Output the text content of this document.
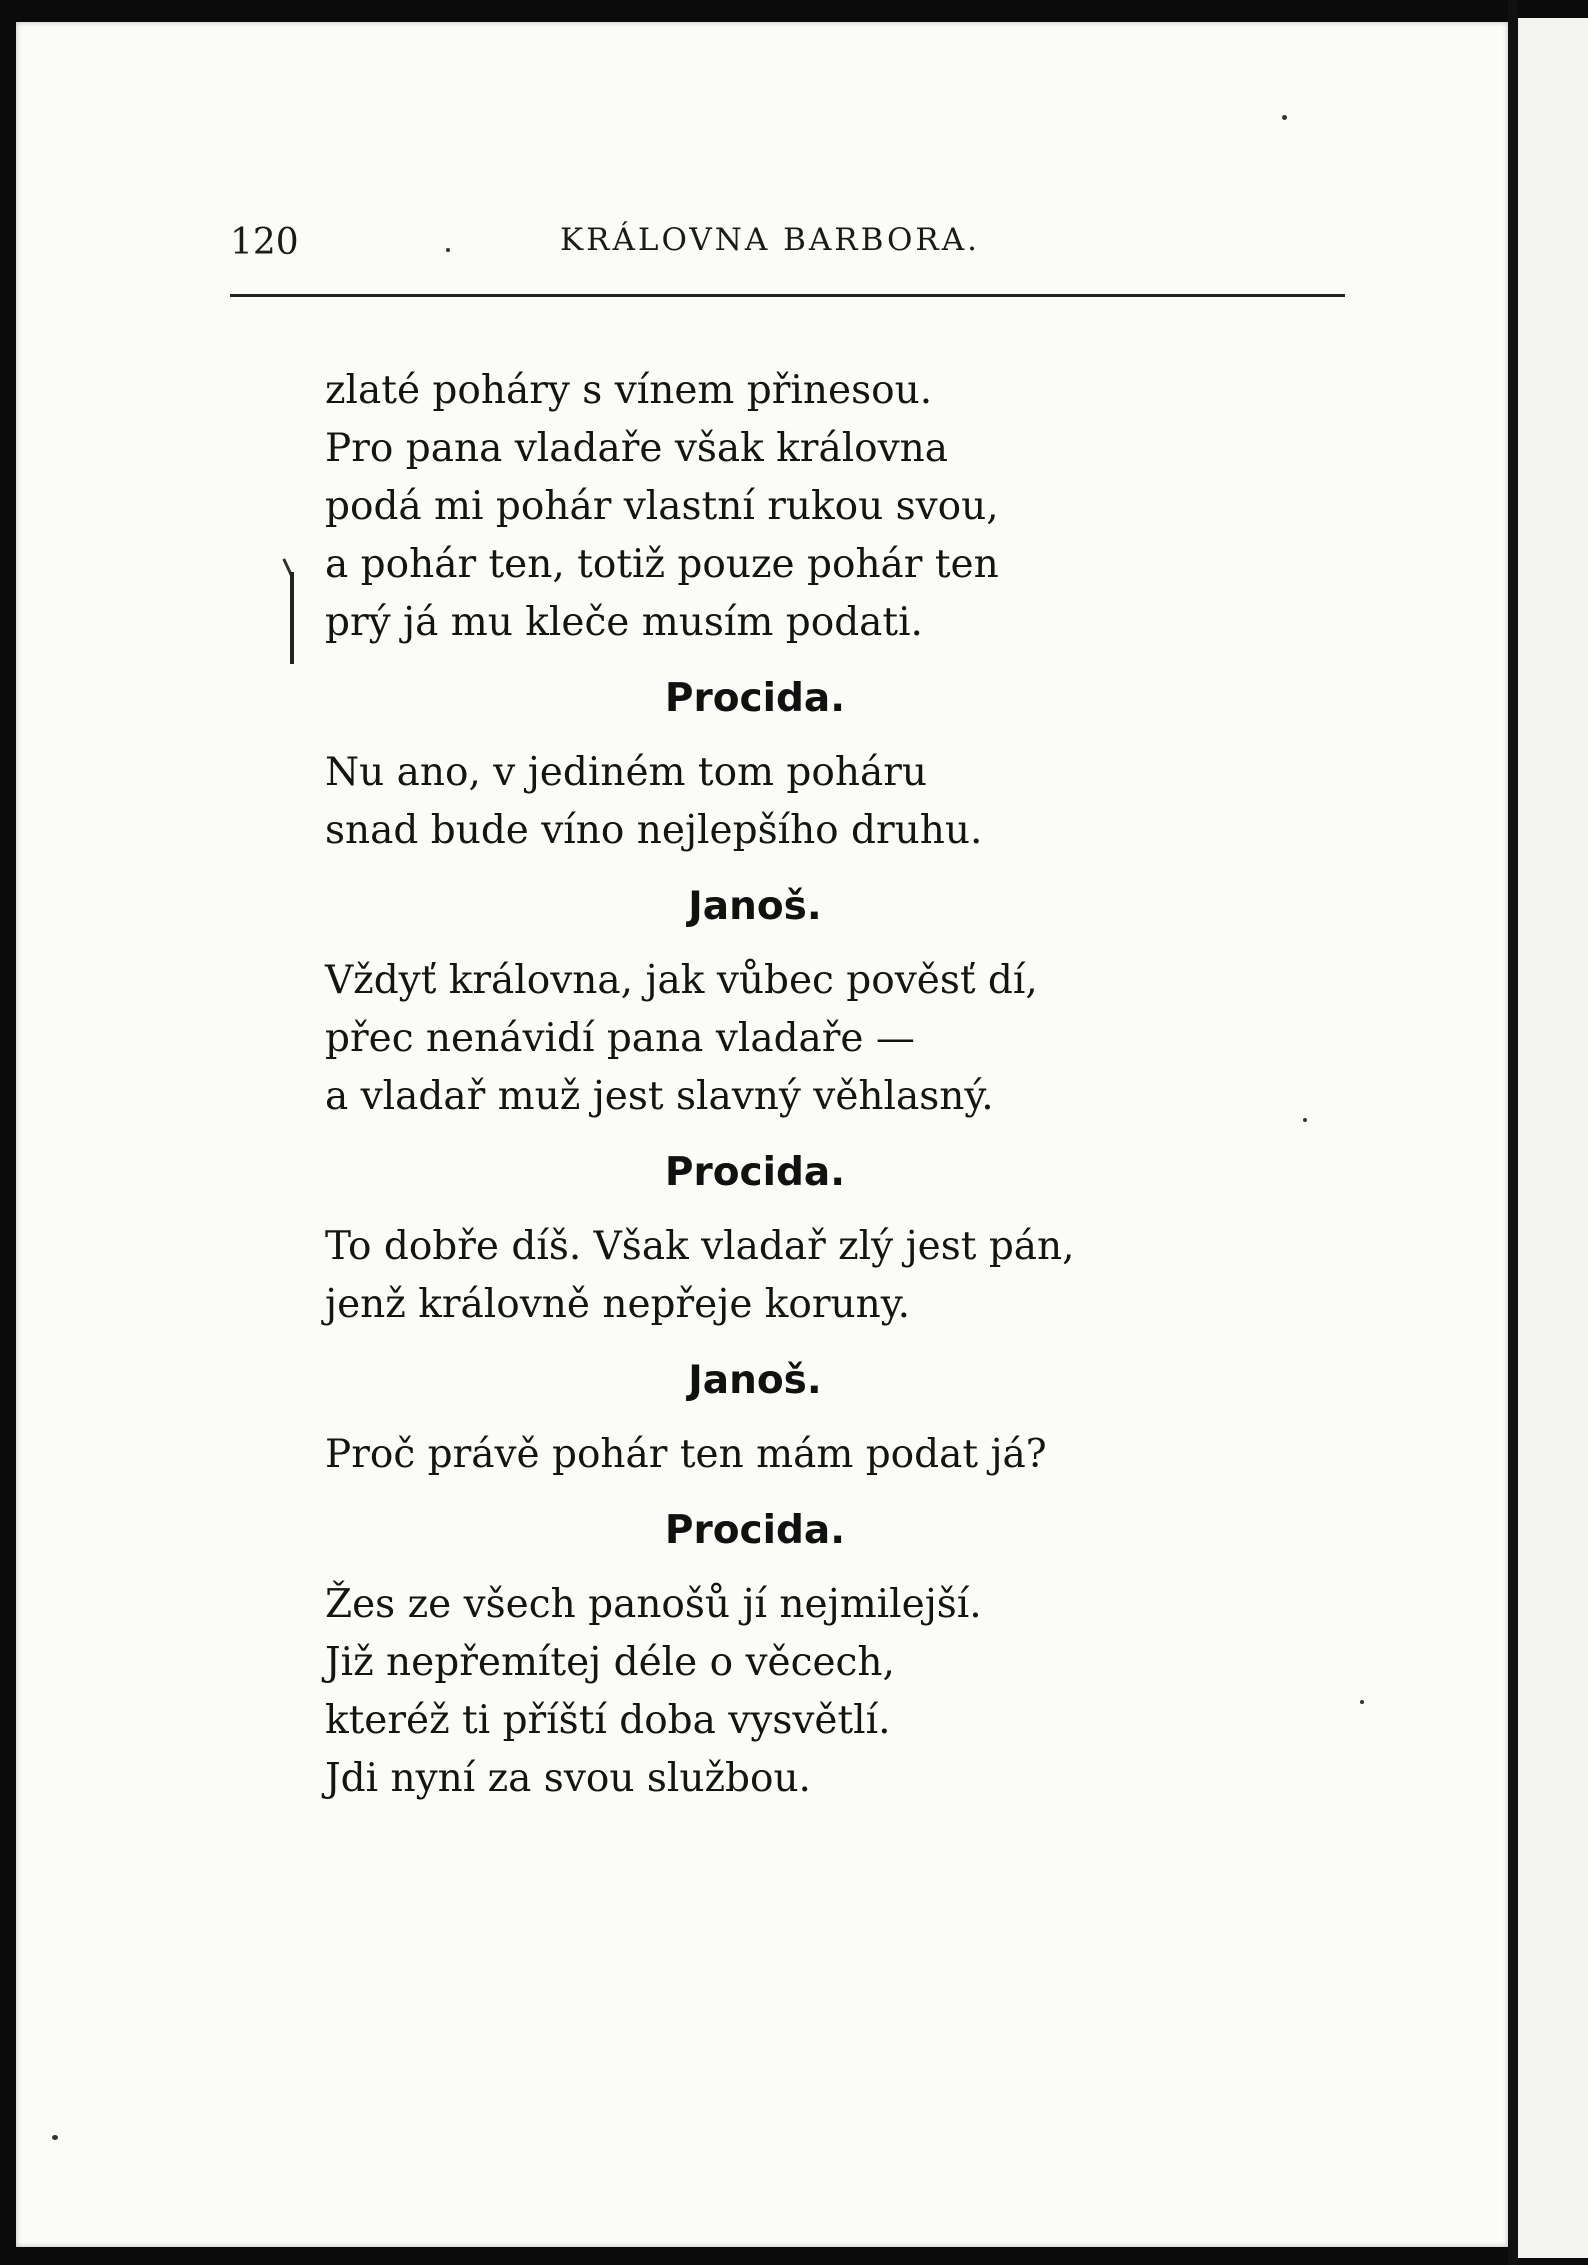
120	KRÁLOVNA BARBORA.
zlaté poháry s vínem přinesou.
Pro pana vladaře však královna
podá mi pohár vlastní rukou svou,
a pohár ten, totiž pouze pohár ten
prý já mu kleče musím podati.
Procida.
Nu ano, v jediném tom poháru
snad bude víno nejlepšího druhu.
Janoš.
Vždyť královna, jak vůbec pověsť dí,
přec nenávidí pana vladaře —
a vladař muž jest slavný věhlasný.
Procida.
To dobře díš. Však vladař zlý jest pán,
jenž královně nepřeje koruny.
Janoš.
Proč právě pohár ten mám podat já?
Procida.
Žes ze všech panošů jí nejmilejší.
Již nepřemítej déle o věcech,
kteréž ti příští doba vysvětlí.
Jdi nyní za svou službou.
